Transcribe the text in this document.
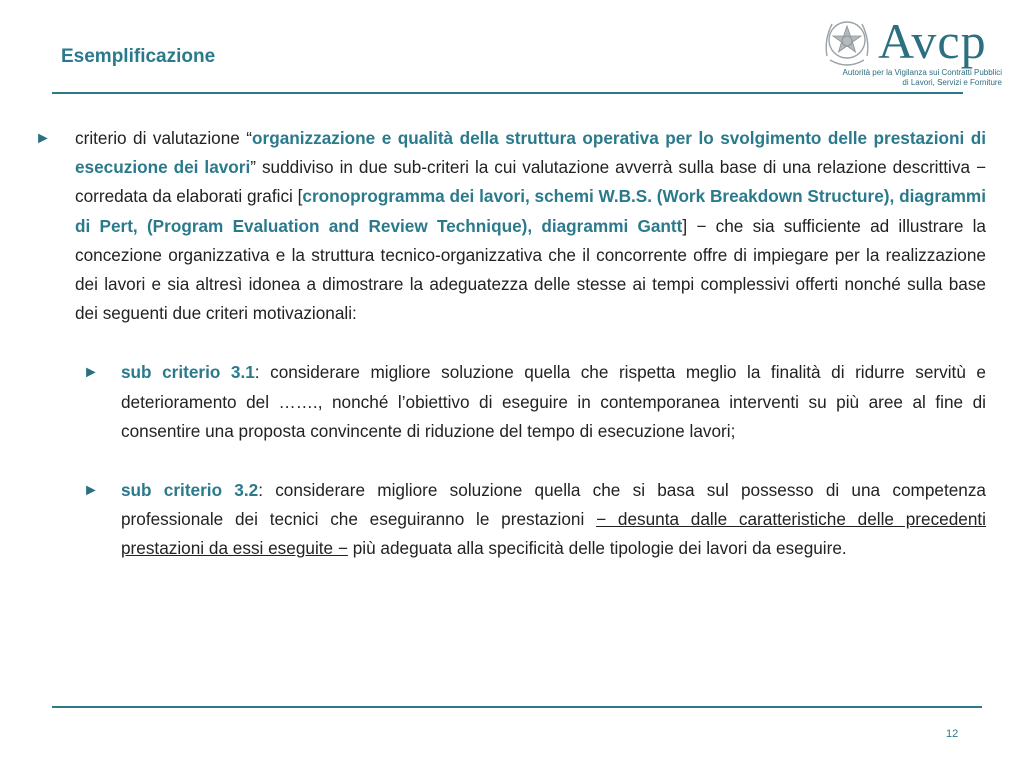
Esemplificazione	Avcp
Autorità per la Vigilanza sui Contratti Pubblici
di Lavori, Servizi e Forniture
► criterio di valutazione “organizzazione e qualità della struttura operativa per lo svolgimento delle prestazioni di esecuzione dei lavori” suddiviso in due sub-criteri la cui valutazione avverrà sulla base di una relazione descrittiva − corredata da elaborati grafici [cronoprogramma dei lavori, schemi W.B.S. (Work Breakdown Structure), diagrammi di Pert, (Program Evaluation and Review Technique), diagrammi Gantt] − che sia sufficiente ad illustrare la concezione organizzativa e la struttura tecnico-organizzativa che il concorrente offre di impiegare per la realizzazione dei lavori e sia altresì idonea a dimostrare la adeguatezza delle stesse ai tempi complessivi offerti nonché sulla base dei seguenti due criteri motivazionali:
► sub criterio 3.1: considerare migliore soluzione quella che rispetta meglio la finalità di ridurre servitù e deterioramento del ……., nonché l’obiettivo di eseguire in contemporanea interventi su più aree al fine di consentire una proposta convincente di riduzione del tempo di esecuzione lavori;
► sub criterio 3.2: considerare migliore soluzione quella che si basa sul possesso di una competenza professionale dei tecnici che eseguiranno le prestazioni − desunta dalle caratteristiche delle precedenti prestazioni da essi eseguite − più adeguata alla specificità delle tipologie dei lavori da eseguire.
12
